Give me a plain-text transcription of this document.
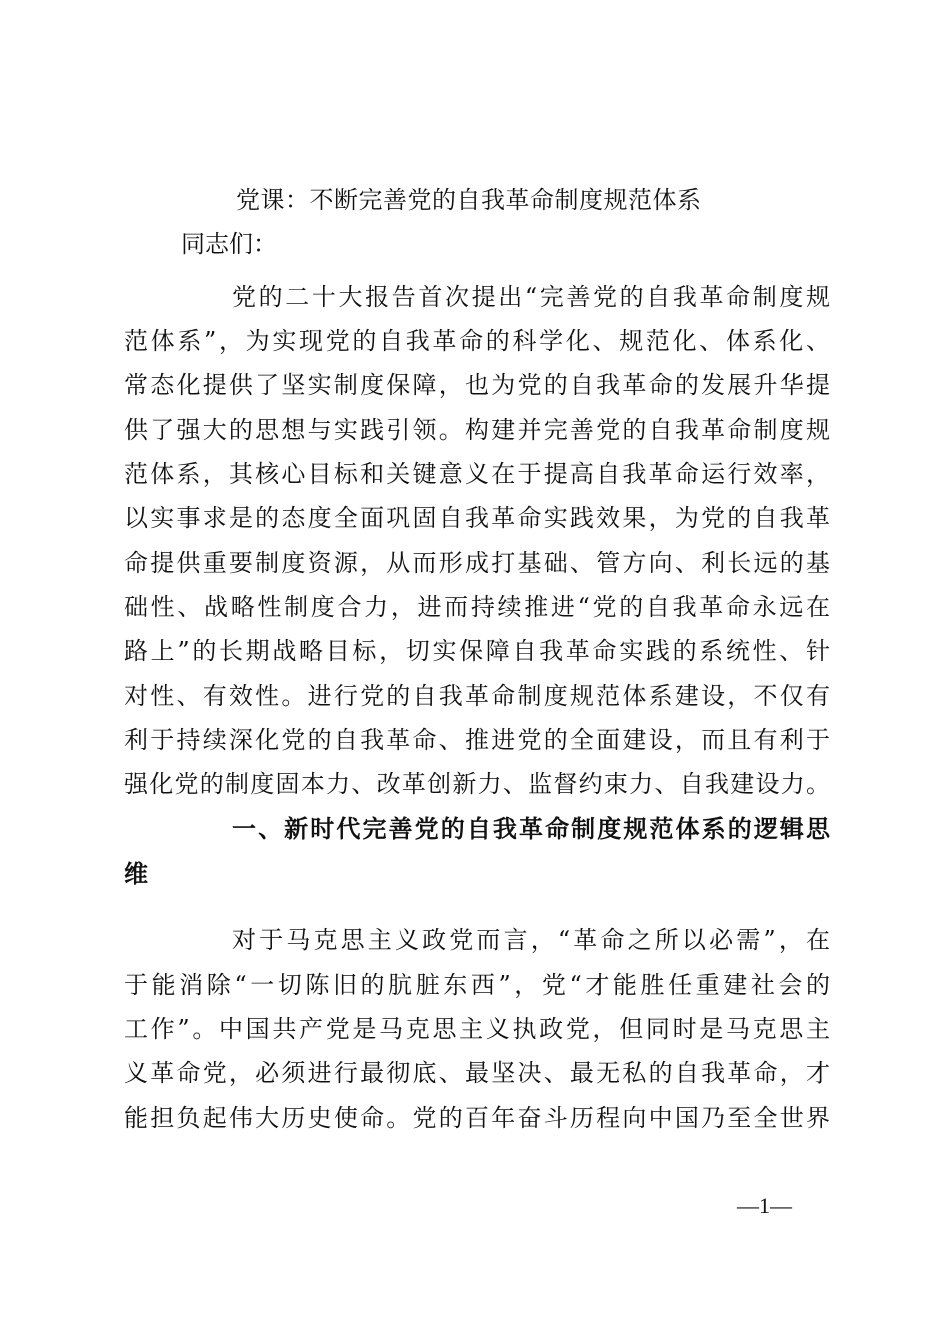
党课：不断完善党的自我革命制度规范体系
同志们：
党的二十大报告首次提出“完善党的自我革命制度规
范体系”，为实现党的自我革命的科学化、规范化、体系化、
常态化提供了坚实制度保障，也为党的自我革命的发展升华提
供了强大的思想与实践引领。构建并完善党的自我革命制度规
范体系，其核心目标和关键意义在于提高自我革命运行效率，
以实事求是的态度全面巩固自我革命实践效果，为党的自我革
命提供重要制度资源，从而形成打基础、管方向、利长远的基
础性、战略性制度合力，进而持续推进“党的自我革命永远在
路上”的长期战略目标，切实保障自我革命实践的系统性、针
对性、有效性。进行党的自我革命制度规范体系建设，不仅有
利于持续深化党的自我革命、推进党的全面建设，而且有利于
强化党的制度固本力、改革创新力、监督约束力、自我建设力。
一、新时代完善党的自我革命制度规范体系的逻辑思
维
对于马克思主义政党而言，“革命之所以必需”，在
于能消除“一切陈旧的肮脏东西”，党“才能胜任重建社会的
工作”。中国共产党是马克思主义执政党，但同时是马克思主
义革命党，必须进行最彻底、最坚决、最无私的自我革命，才
能担负起伟大历史使命。党的百年奋斗历程向中国乃至全世界
—1—
